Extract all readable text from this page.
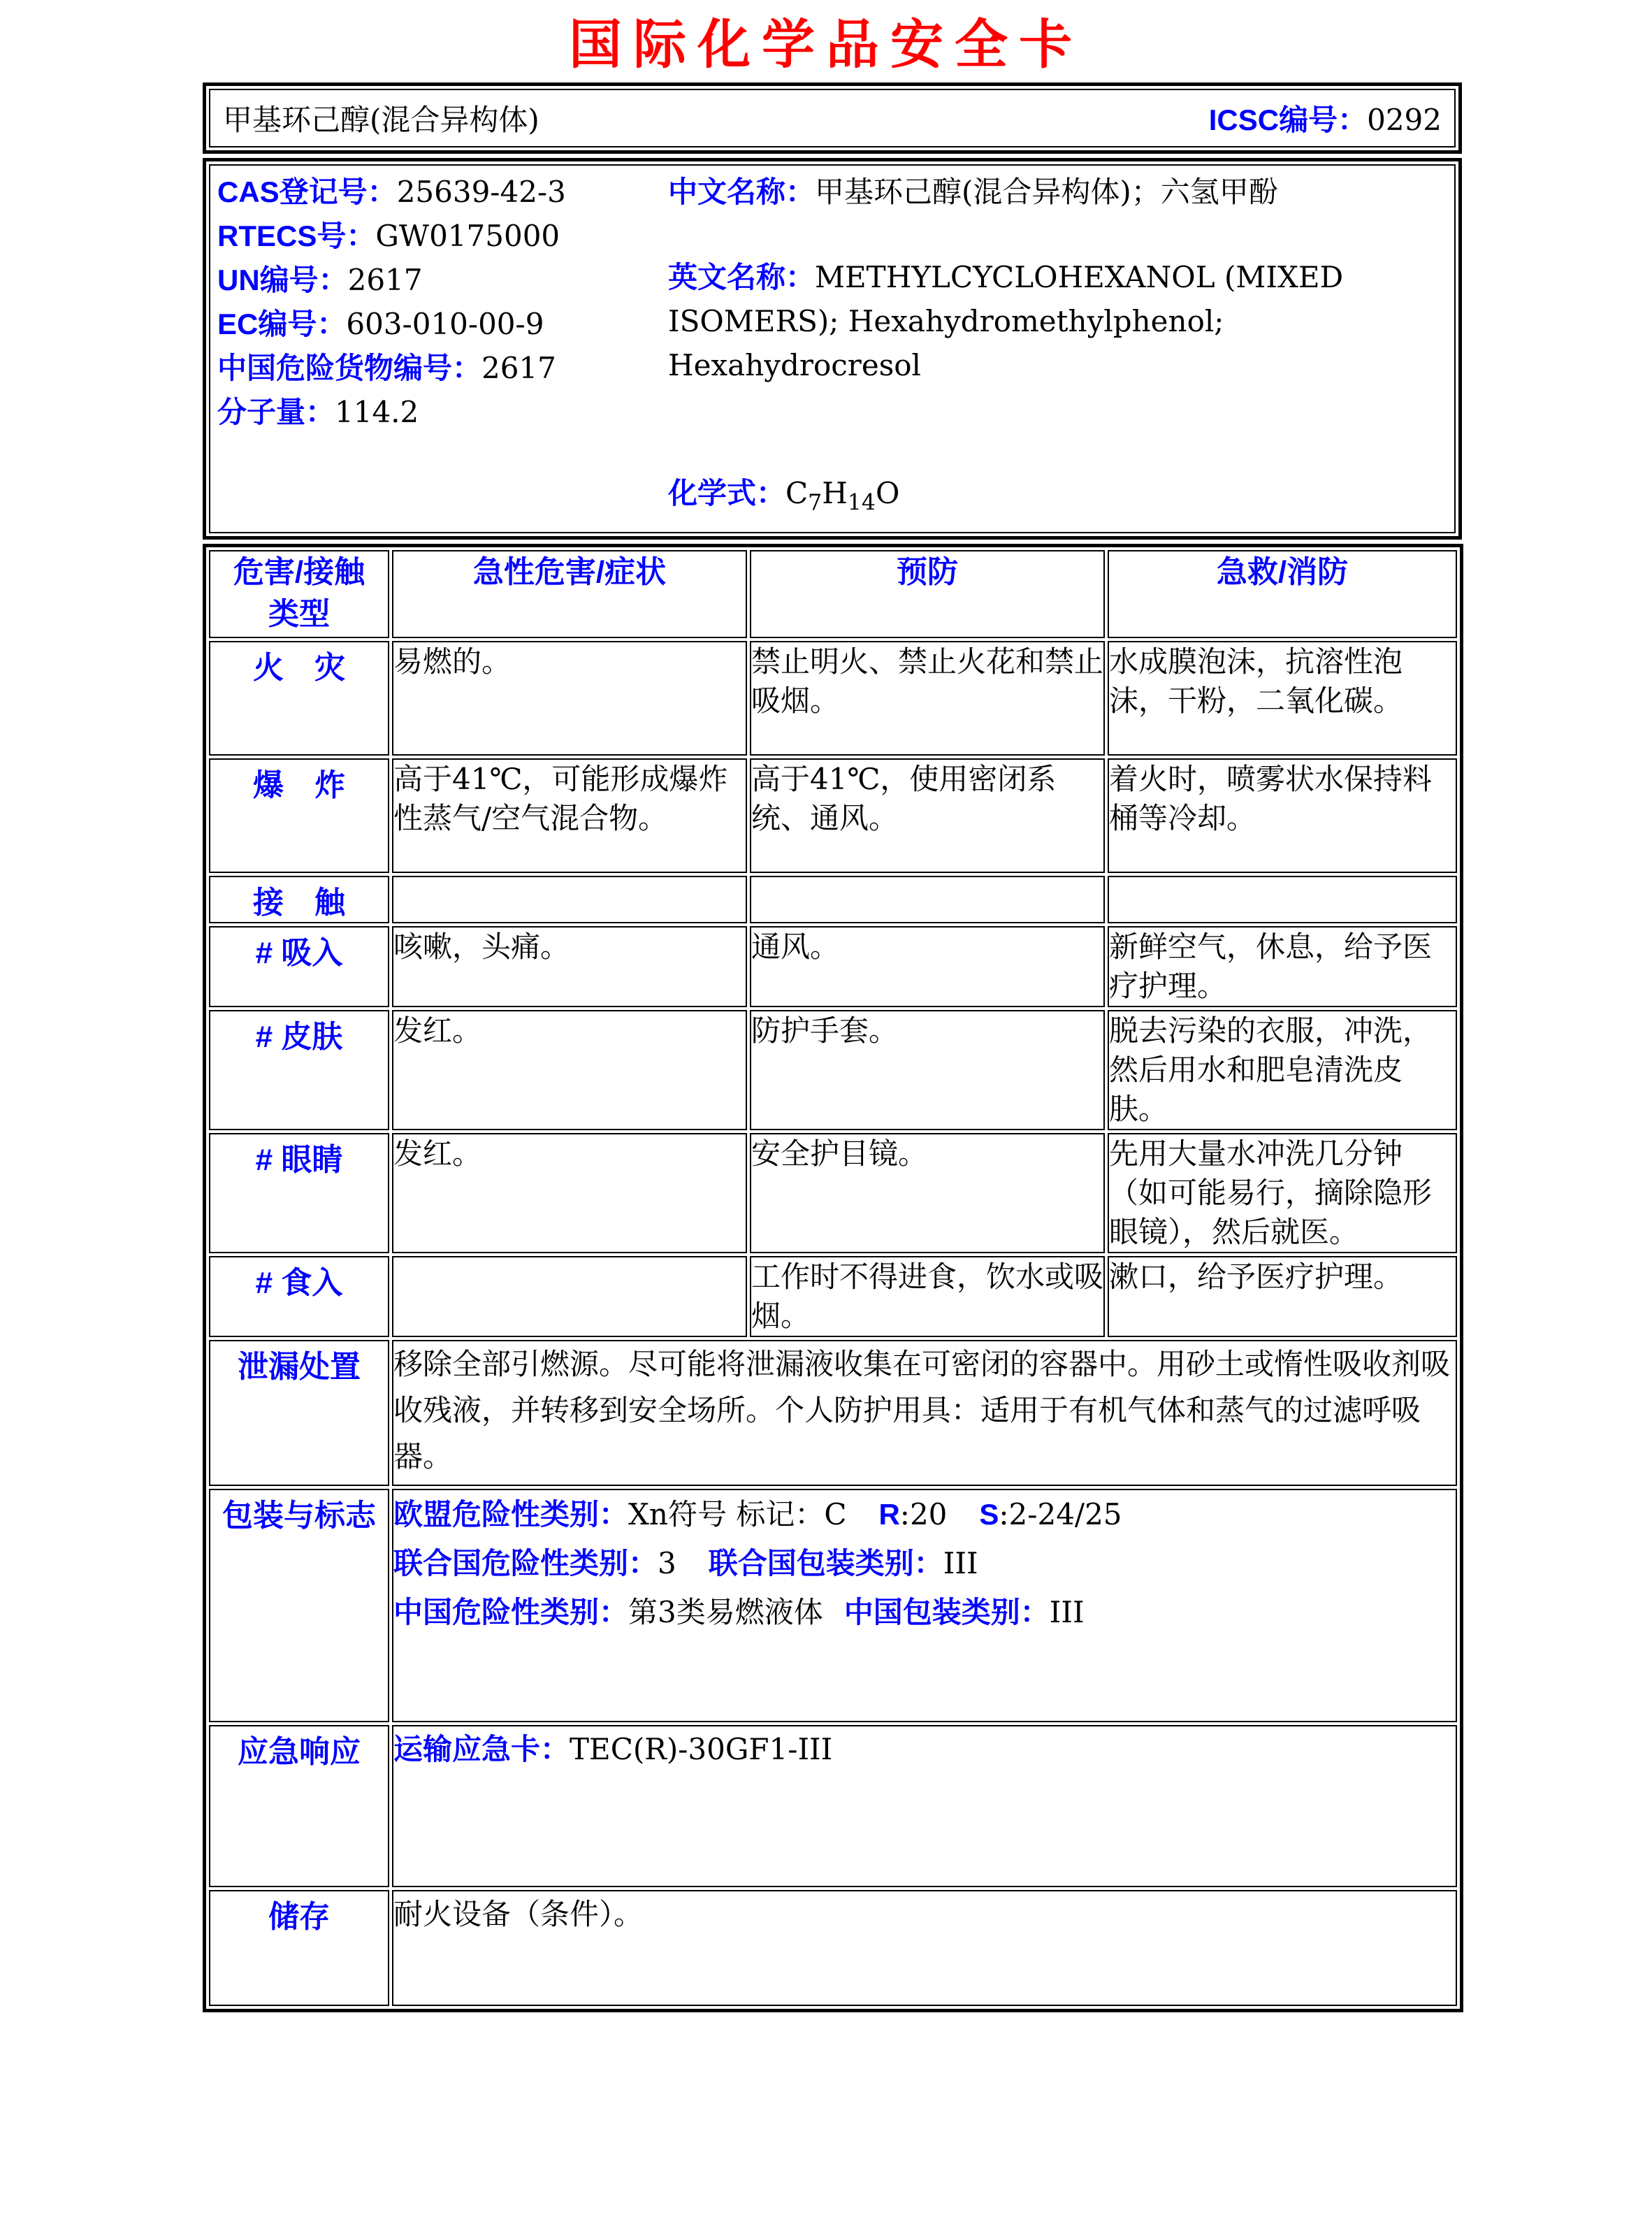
国际化学品安全卡
甲基环己醇(混合异构体)	ICSC编号：0292
CAS登记号：25639-42-3
RTECS号：GW0175000
UN编号：2617
EC编号：603-010-00-9
中国危险货物编号：2617
分子量：114.2
中文名称：甲基环己醇(混合异构体)；六氢甲酚
英文名称：METHYLCYCLOHEXANOL (MIXED ISOMERS); Hexahydromethylphenol; Hexahydrocresol
化学式：$C_7H_{14}O$
危害/接触
类型	急性危害/症状	预防	急救/消防
火　灾	易燃的。	禁止明火、禁止火花和禁止吸烟。	水成膜泡沫，抗溶性泡沫，干粉，二氧化碳。
爆　炸	高于41℃，可能形成爆炸性蒸气/空气混合物。	高于41℃，使用密闭系统、通风。	着火时，喷雾状水保持料桶等冷却。
接　触			
# 吸入	咳嗽，头痛。	通风。	新鲜空气，休息，给予医疗护理。
# 皮肤	发红。	防护手套。	脱去污染的衣服，冲洗，然后用水和肥皂清洗皮肤。
# 眼睛	发红。	安全护目镜。	先用大量水冲洗几分钟（如可能易行，摘除隐形眼镜），然后就医。
# 食入		工作时不得进食，饮水或吸烟。	漱口，给予医疗护理。
泄漏处置	移除全部引燃源。尽可能将泄漏液收集在可密闭的容器中。用砂土或惰性吸收剂吸收残液，并转移到安全场所。个人防护用具：适用于有机气体和蒸气的过滤呼吸器。		
包装与标志	欧盟危险性类别：Xn符号 标记：C R:20 S:2-24/25
联合国危险性类别：3 联合国包装类别：III
中国危险性类别：第3类易燃液体 中国包装类别：III		

应急响应	运输应急卡：TEC(R)-30GF1-III		
储存	耐火设备（条件）。		
